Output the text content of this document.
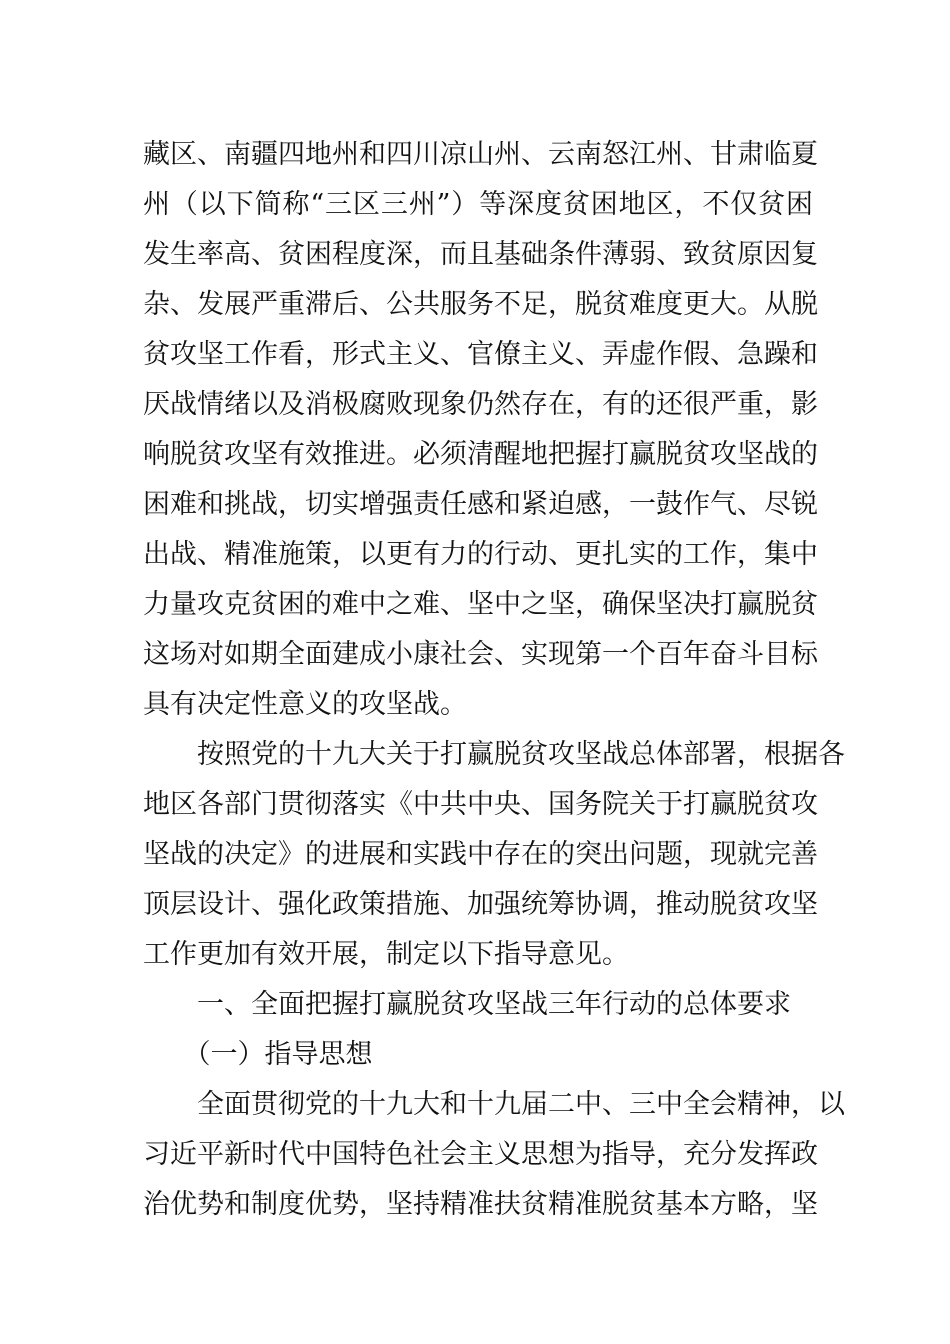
藏区、南疆四地州和四川凉山州、云南怒江州、甘肃临夏
州（以下简称“三区三州”）等深度贫困地区，不仅贫困
发生率高、贫困程度深，而且基础条件薄弱、致贫原因复
杂、发展严重滞后、公共服务不足，脱贫难度更大。从脱
贫攻坚工作看，形式主义、官僚主义、弄虚作假、急躁和
厌战情绪以及消极腐败现象仍然存在，有的还很严重，影
响脱贫攻坚有效推进。必须清醒地把握打赢脱贫攻坚战的
困难和挑战，切实增强责任感和紧迫感，一鼓作气、尽锐
出战、精准施策，以更有力的行动、更扎实的工作，集中
力量攻克贫困的难中之难、坚中之坚，确保坚决打赢脱贫
这场对如期全面建成小康社会、实现第一个百年奋斗目标
具有决定性意义的攻坚战。
　　按照党的十九大关于打赢脱贫攻坚战总体部署，根据各
地区各部门贯彻落实《中共中央、国务院关于打赢脱贫攻
坚战的决定》的进展和实践中存在的突出问题，现就完善
顶层设计、强化政策措施、加强统筹协调，推动脱贫攻坚
工作更加有效开展，制定以下指导意见。
　　一、全面把握打赢脱贫攻坚战三年行动的总体要求
　　（一）指导思想
　　全面贯彻党的十九大和十九届二中、三中全会精神，以
习近平新时代中国特色社会主义思想为指导，充分发挥政
治优势和制度优势，坚持精准扶贫精准脱贫基本方略，坚
